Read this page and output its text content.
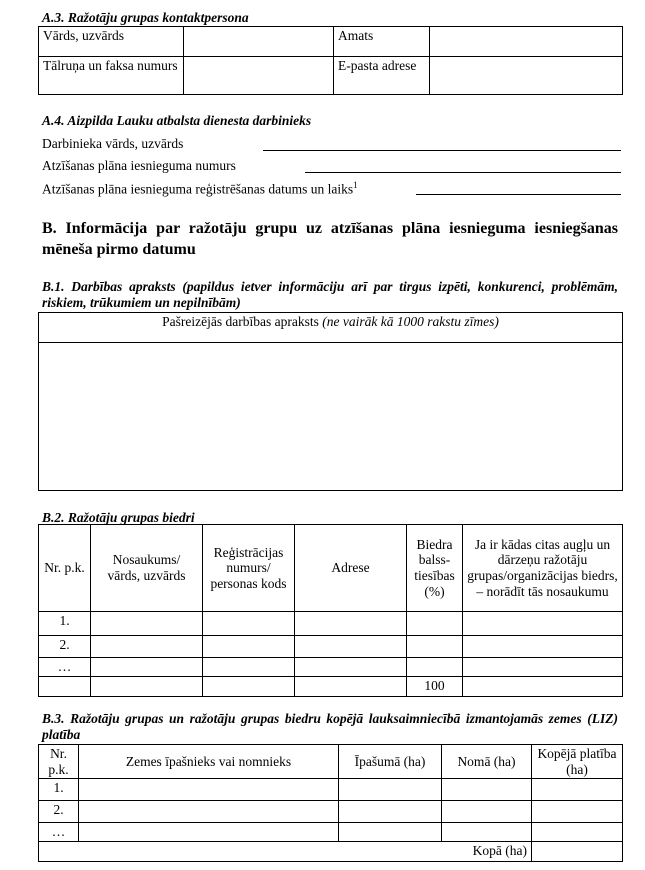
A.3. Ražotāju grupas kontaktpersona
Vārds, uzvārds		Amats	
Tālruņa un faksa numurs		E-pasta adrese	
A.4. Aizpilda Lauku atbalsta dienesta darbinieks
Darbinieka vārds, uzvārds
Atzīšanas plāna iesnieguma numurs
Atzīšanas plāna iesnieguma reģistrēšanas datums un laiks$^1$
B. Informācija par ražotāju grupu uz atzīšanas plāna iesnieguma iesniegšanas mēneša pirmo datumu
B.1. Darbības apraksts (papildus ietver informāciju arī par tirgus izpēti, konkurenci, problēmām, riskiem, trūkumiem un nepilnībām)
Pašreizējās darbības apraksts (ne vairāk kā 1000 rakstu zīmes)

B.2. Ražotāju grupas biedri
Nr. p.k.	Nosaukums/ vārds, uzvārds	Reģistrācijas numurs/ personas kods	Adrese	Biedra balss-tiesības (%)	Ja ir kādas citas augļu un dārzeņu ražotāju grupas/organizācijas biedrs, – norādīt tās nosaukumu
1.					
2.					
…					
				100	
B.3. Ražotāju grupas un ražotāju grupas biedru kopējā lauksaimniecībā izmantojamās zemes (LIZ) platība
Nr. p.k.	Zemes īpašnieks vai nomnieks	Īpašumā (ha)	Nomā (ha)	Kopējā platība (ha)
1.				
2.				
…				
Kopā (ha)				
